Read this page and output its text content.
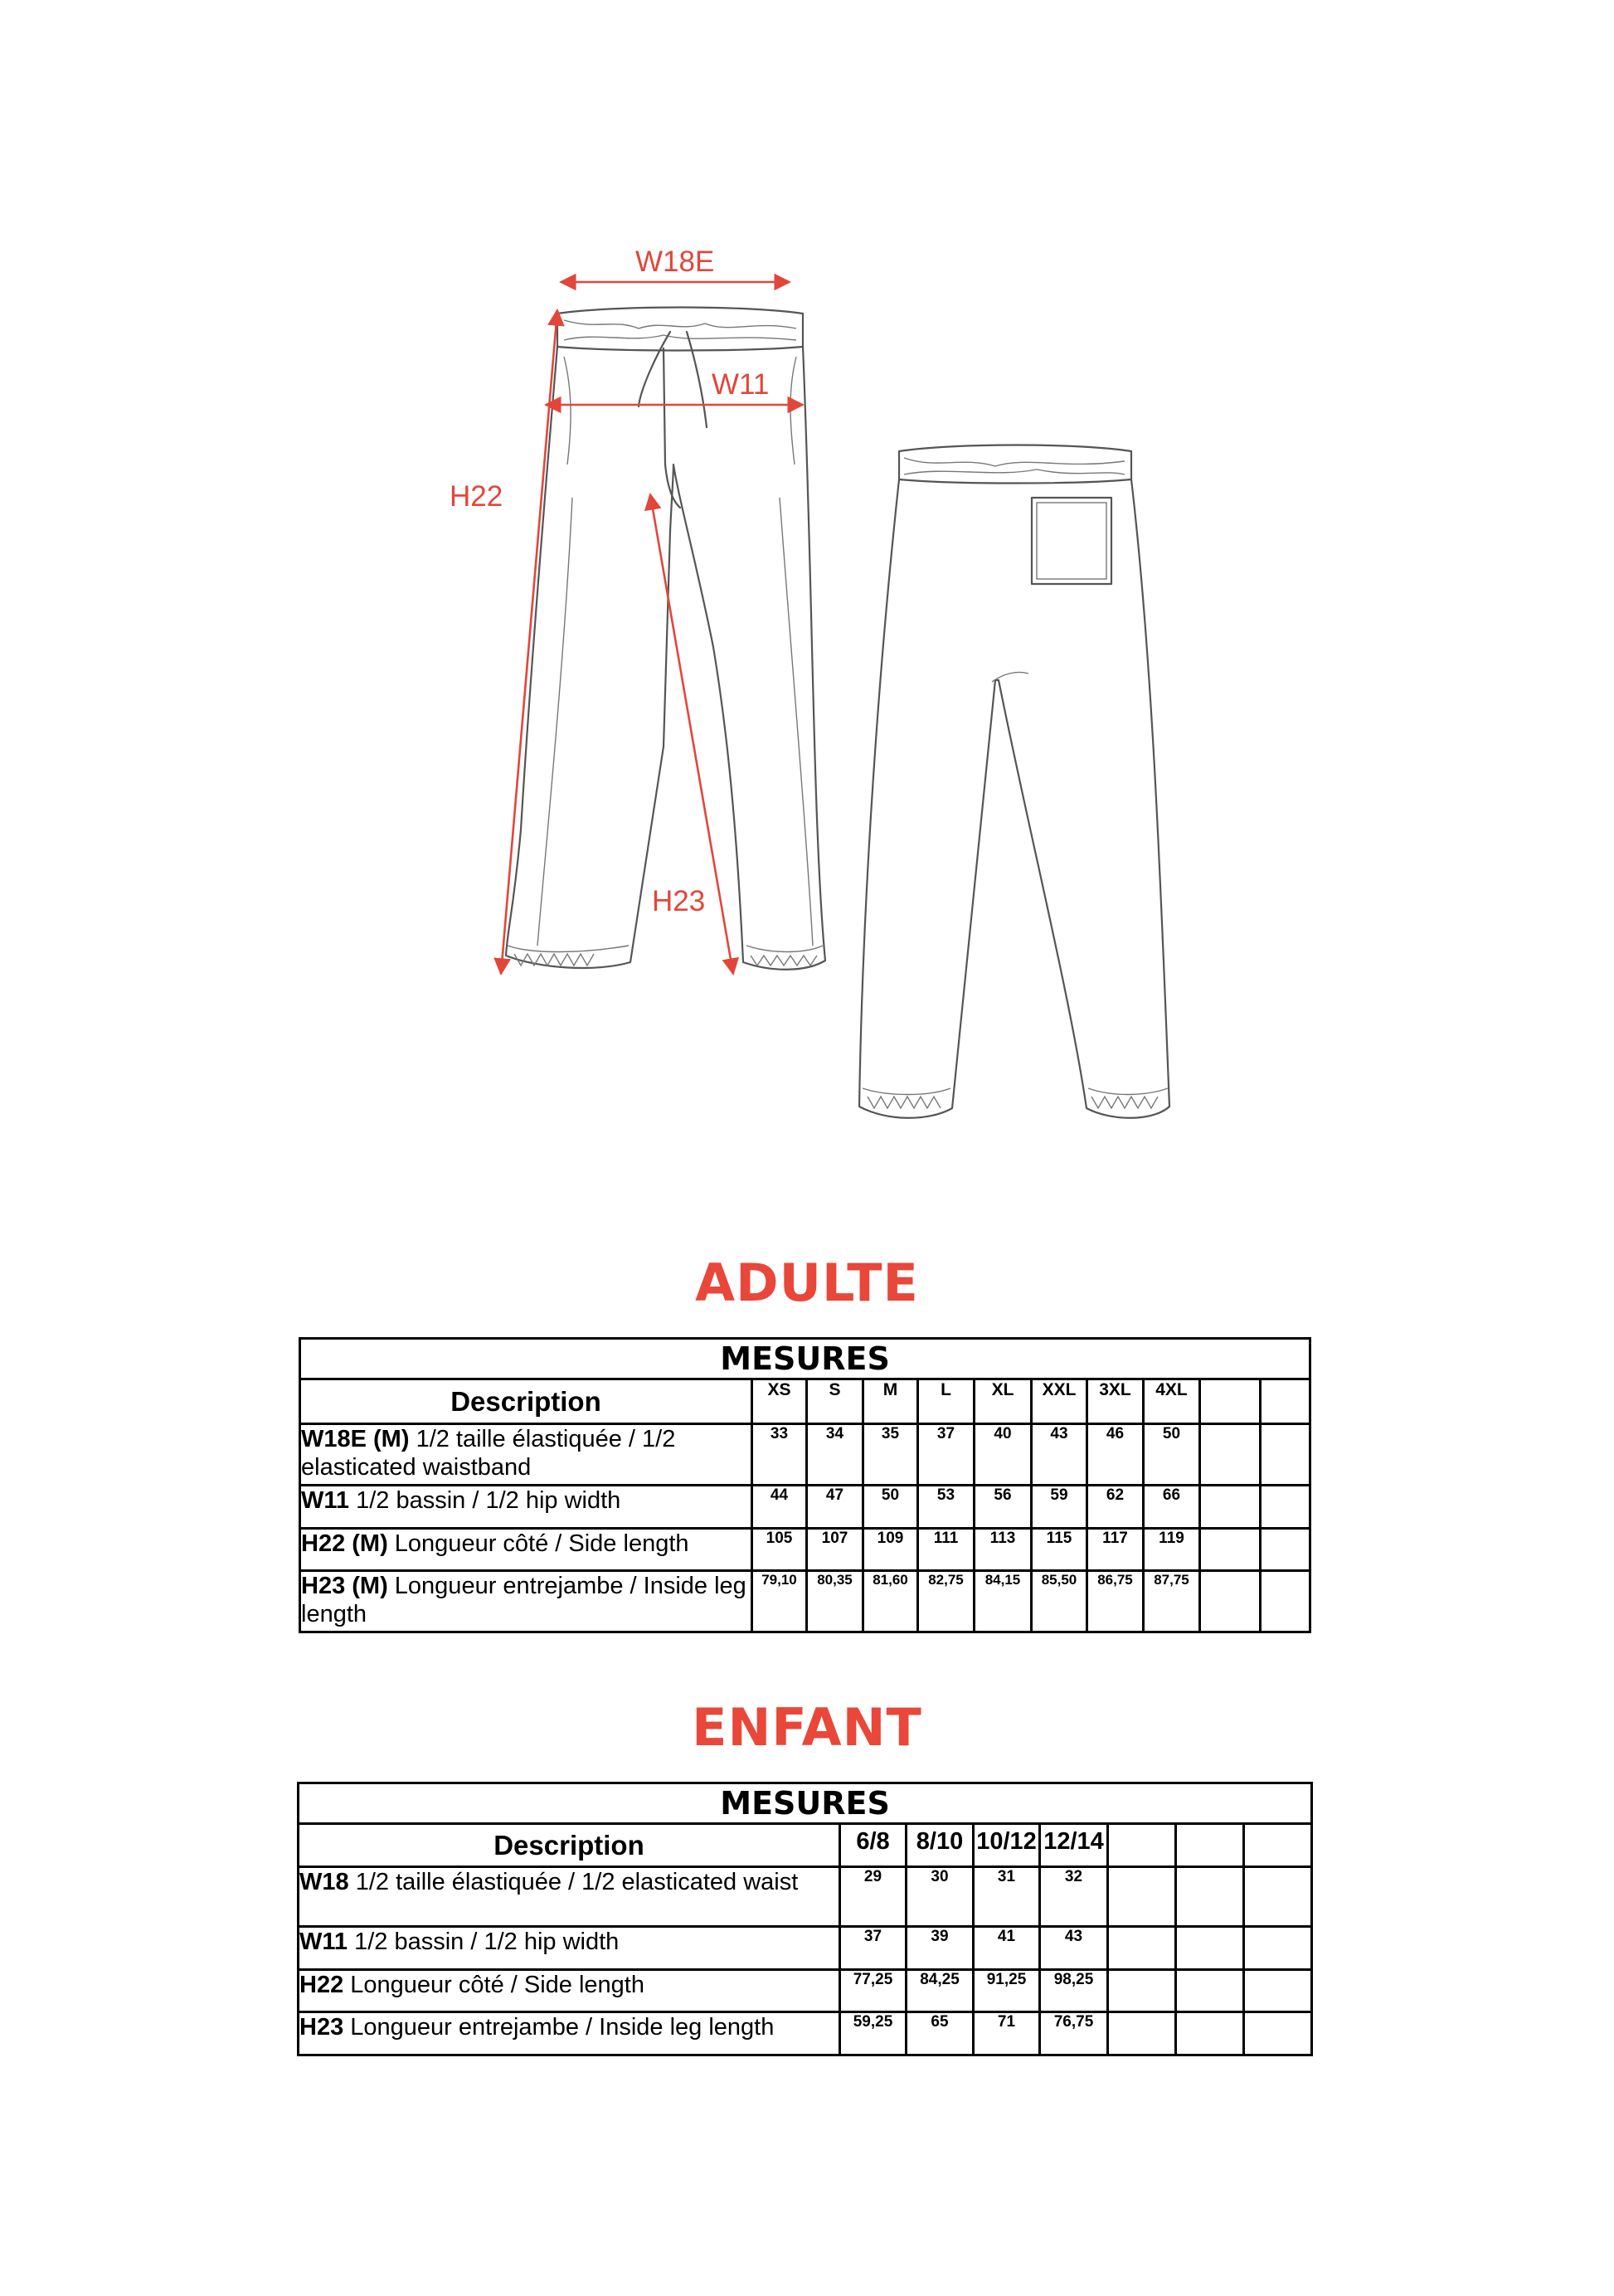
W18E
W11
H22
H23
ADULTE
MESURES										
Description	XS	S	M	L	XL	XXL	3XL	4XL		
W18E (M) 1/2 taille élastiquée / 1/2 elasticated waistband	33	34	35	37	40	43	46	50		
W11 1/2 bassin / 1/2 hip width	44	47	50	53	56	59	62	66		
H22 (M) Longueur côté / Side length	105	107	109	111	113	115	117	119		
H23 (M) Longueur entrejambe / Inside leg length	79,10	80,35	81,60	82,75	84,15	85,50	86,75	87,75		
ENFANT
MESURES							
Description	6/8	8/10	10/12	12/14			
W18 1/2 taille élastiquée / 1/2 elasticated waist	29	30	31	32			
W11 1/2 bassin / 1/2 hip width	37	39	41	43			
H22 Longueur côté / Side length	77,25	84,25	91,25	98,25			
H23 Longueur entrejambe / Inside leg length	59,25	65	71	76,75			
